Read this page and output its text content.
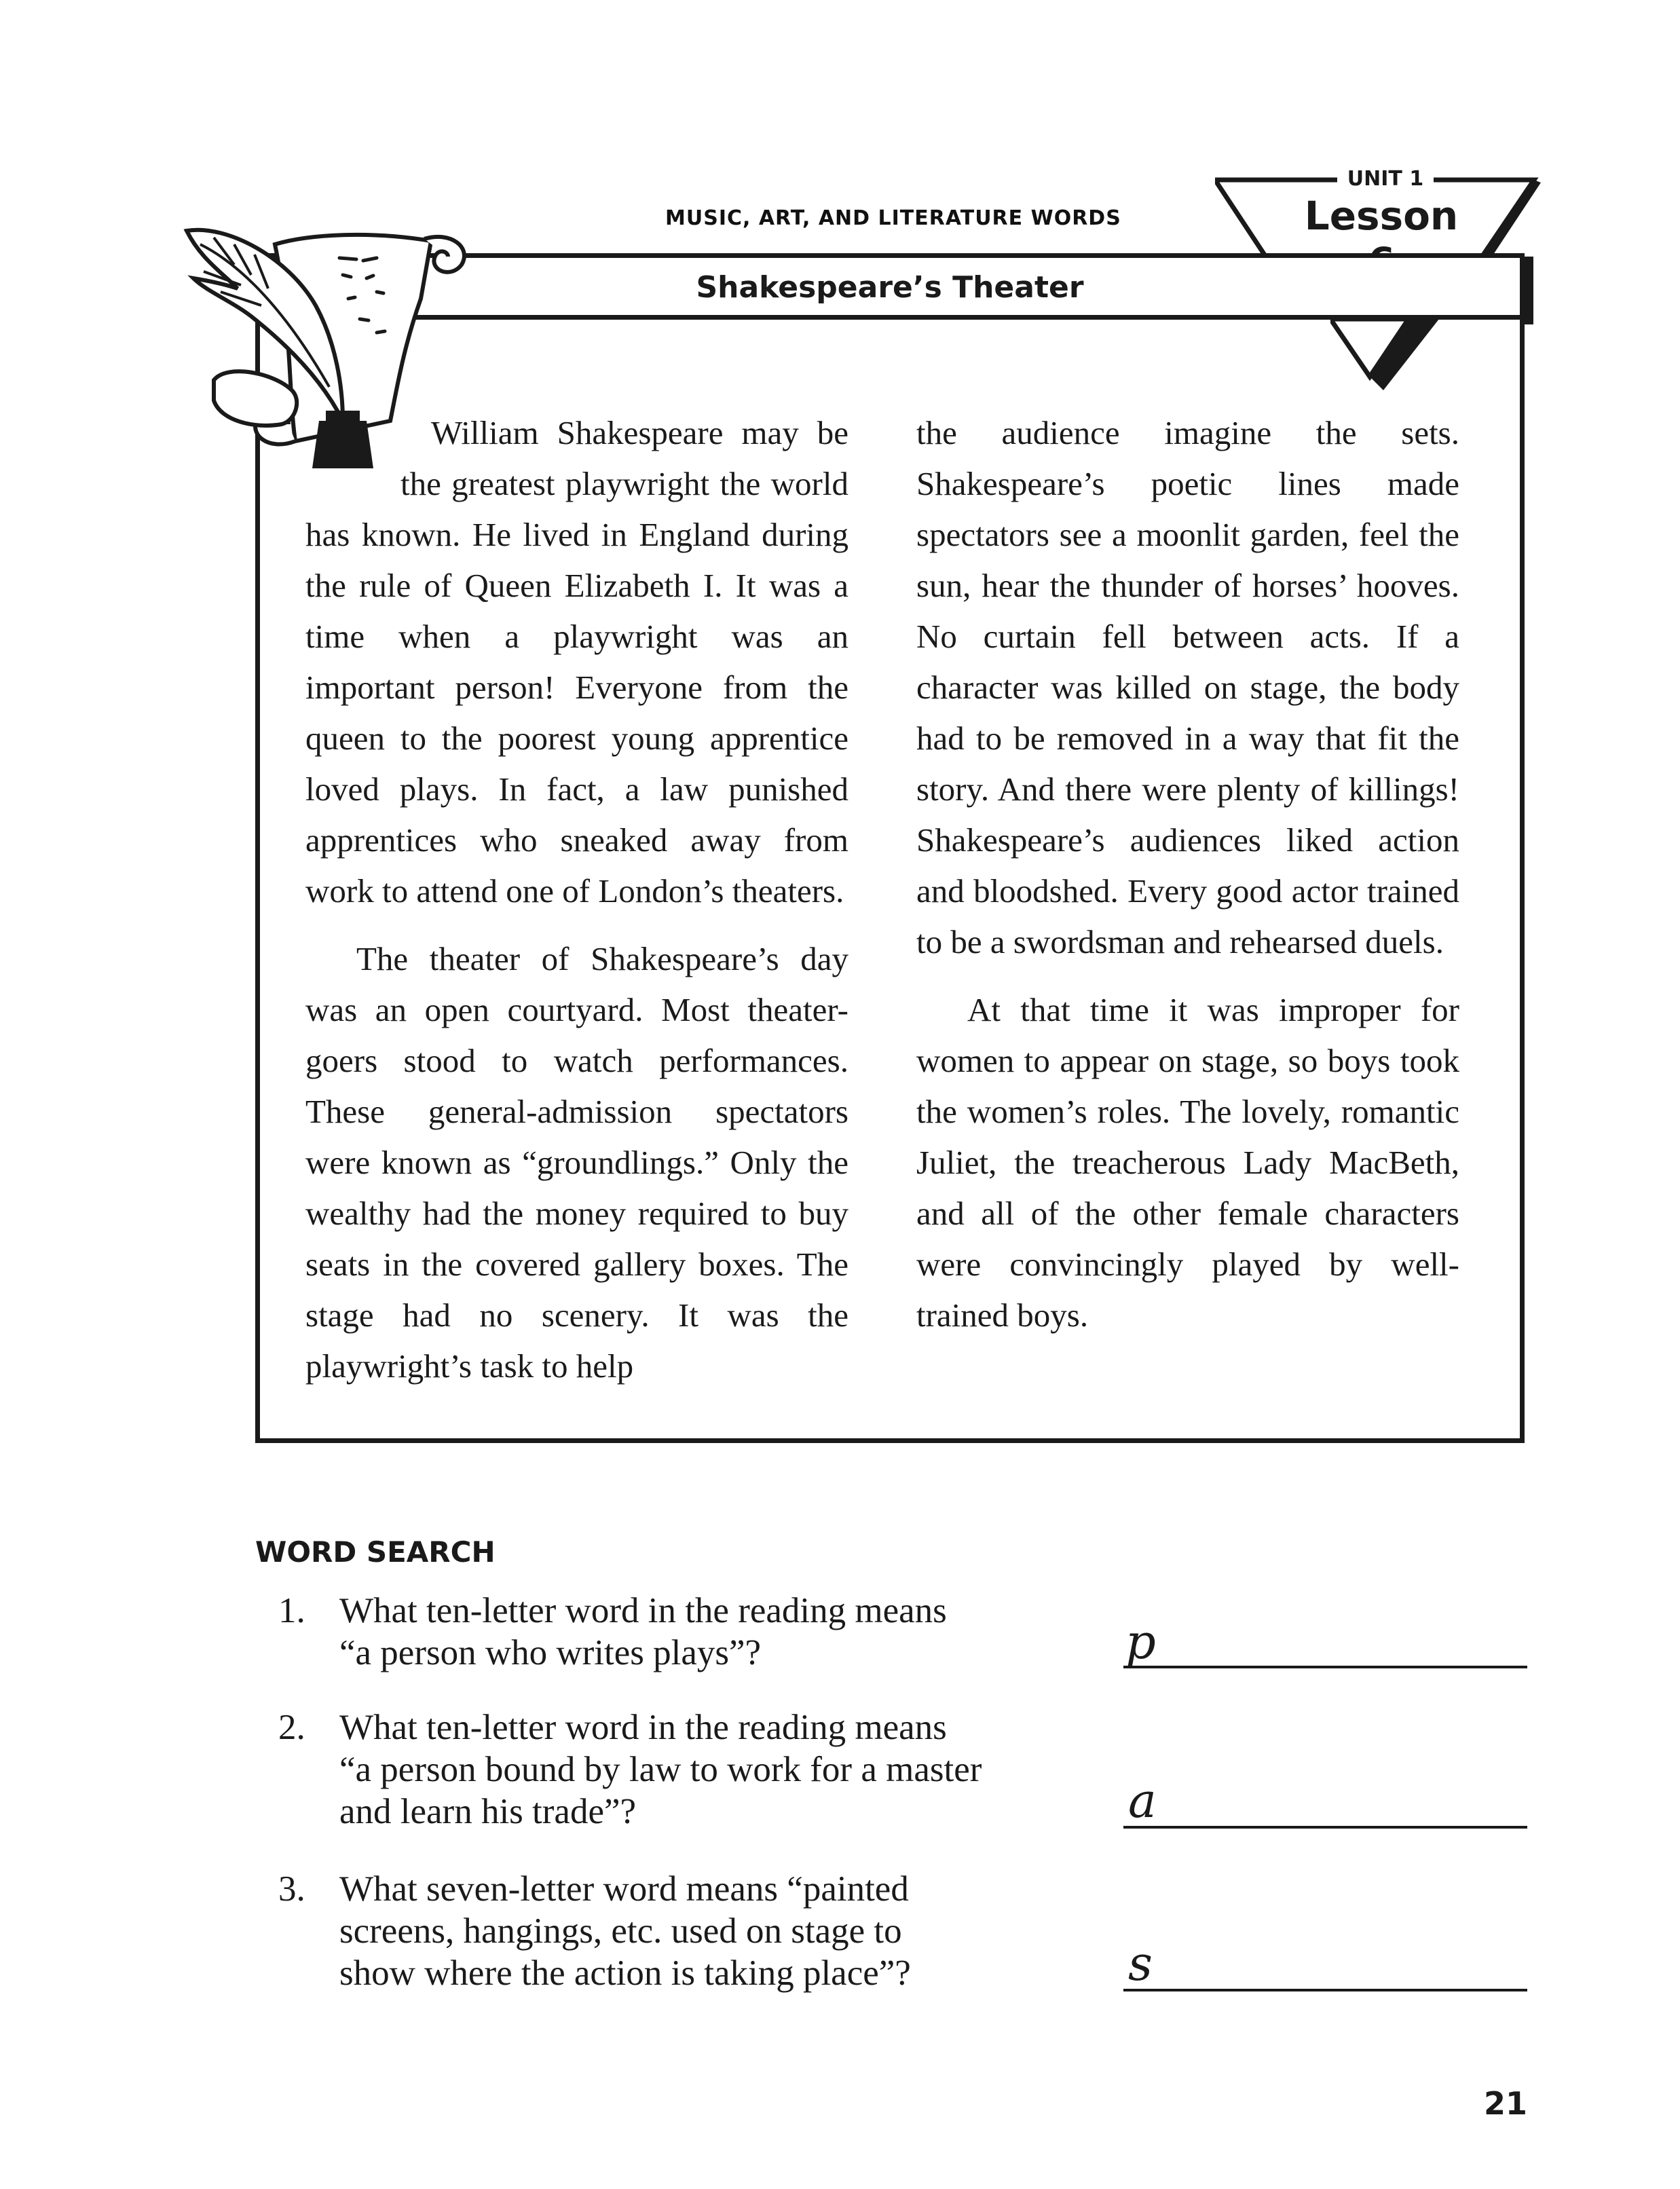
MUSIC, ART, AND LITERATURE WORDS
UNIT 1
Lesson
Shakespeare’s Theater

William Shakespeare may be the greatest playwright the world has known. He lived in England during the rule of Queen Elizabeth I. It was a time when a playwright was an important person! Everyone from the queen to the poorest young apprentice loved plays. In fact, a law punished apprentices who sneaked away from work to attend one of London’s theaters.

The theater of Shakespeare’s day was an open courtyard. Most theater-goers stood to watch performances. These general-admission spectators were known as “groundlings.” Only the wealthy had the money required to buy seats in the covered gallery boxes. The stage had no scenery. It was the playwright’s task to help

the audience imagine the sets. Shakespeare’s poetic lines made spectators see a moonlit garden, feel the sun, hear the thunder of horses’ hooves. No curtain fell between acts. If a character was killed on stage, the body had to be removed in a way that fit the story. And there were plenty of killings! Shakespeare’s audiences liked action and bloodshed. Every good actor trained to be a swordsman and rehearsed duels.

At that time it was improper for women to appear on stage, so boys took the women’s roles. The lovely, romantic Juliet, the treacherous Lady MacBeth, and all of the other female characters were convincingly played by well-trained boys.

WORD SEARCH
1. What ten-letter word in the reading means
“a person who writes plays”?	p
2. What ten-letter word in the reading means
“a person bound by law to work for a master
and learn his trade”?	a
3. What seven-letter word means “painted
screens, hangings, etc. used on stage to
show where the action is taking place”?	s
21
